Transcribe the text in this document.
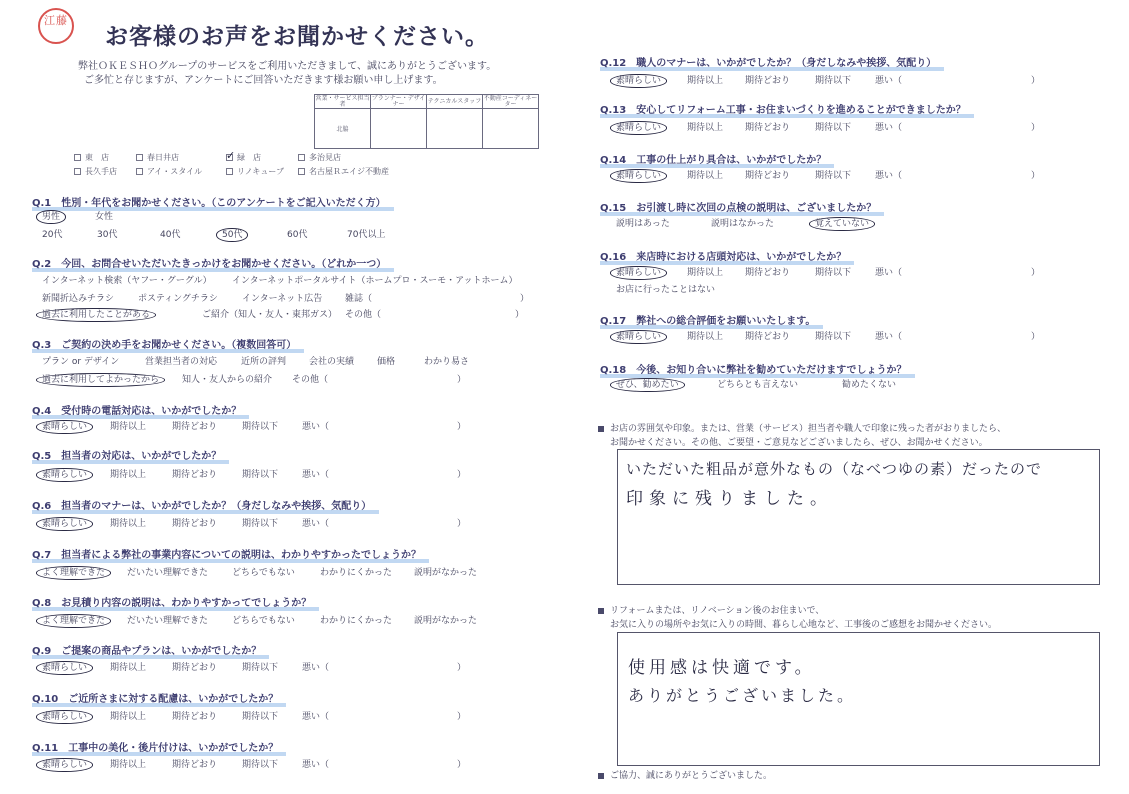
江藤
お客様のお声をお聞かせください。
弊社ＯＫＥＳＨＯグループのサービスをご利用いただきまして、誠にありがとうございます。
ご多忙と存じますが、アンケートにご回答いただきます様お願い申し上げます。
営業・サービス担当者	プランナー・デザイナー	テクニカルスタッフ	不動産コーディネーター
北脇			
東　店	春日井店 ✓	緑　店	多治見店
長久手店	アイ・スタイル	リノキューブ	名古屋Ｒエイジ不動産
Q.1　性別・年代をお聞かせください。（このアンケートをご記入いただく方）
男性	女性
20代	30代	40代	50代	60代	70代以上
Q.2　今回、お問合せいただいたきっかけをお聞かせください。（どれか一つ）
インターネット検索（ヤフー・グーグル） インターネットポータルサイト（ホームプロ・スーモ・アットホーム）
新聞折込みチラシ	ポスティングチラシ	インターネット広告	雑誌（	）
過去に利用したことがある	ご紹介（知人・友人・東邦ガス） その他（	）
Q.3　ご契約の決め手をお聞かせください。（複数回答可）
プラン or デザイン	営業担当者の対応	近所の評判	会社の実績	価格	わかり易さ
過去に利用してよかったから	知人・友人からの紹介 その他（	）
Q.4　受付時の電話対応は、いかがでしたか？
素晴らしい	期待以上	期待どおり	期待以下	悪い（	）
Q.5　担当者の対応は、いかがでしたか？
素晴らしい	期待以上	期待どおり	期待以下	悪い（	）
Q.6　担当者のマナーは、いかがでしたか？（身だしなみや挨拶、気配り）
素晴らしい	期待以上	期待どおり	期待以下	悪い（	）
Q.7　担当者による弊社の事業内容についての説明は、わかりやすかったでしょうか？
よく理解できた	だいたい理解できた	どちらでもない	わかりにくかった 説明がなかった
Q.8　お見積り内容の説明は、わかりやすかってでしょうか？
よく理解できた	だいたい理解できた	どちらでもない	わかりにくかった 説明がなかった
Q.9　ご提案の商品やプランは、いかがでしたか？
素晴らしい	期待以上	期待どおり	期待以下	悪い（	）
Q.10　ご近所さまに対する配慮は、いかがでしたか？
素晴らしい	期待以上	期待どおり	期待以下	悪い（	）
Q.11　工事中の美化・後片付けは、いかがでしたか？
素晴らしい	期待以上	期待どおり	期待以下	悪い（	）
Q.12　職人のマナーは、いかがでしたか？（身だしなみや挨拶、気配り）
素晴らしい	期待以上 期待どおり	期待以下	悪い（	）
Q.13　安心してリフォーム工事・お住まいづくりを進めることができましたか？
素晴らしい	期待以上 期待どおり	期待以下	悪い（	）
Q.14　工事の仕上がり具合は、いかがでしたか？
素晴らしい	期待以上 期待どおり	期待以下	悪い（	）
Q.15　お引渡し時に次回の点検の説明は、ございましたか？
説明はあった	説明はなかった	覚えていない
Q.16　来店時における店頭対応は、いかがでしたか？
素晴らしい	期待以上 期待どおり	期待以下	悪い（	）
お店に行ったことはない
Q.17　弊社への総合評価をお願いいたします。
素晴らしい	期待以上 期待どおり	期待以下	悪い（	）
Q.18　今後、お知り合いに弊社を勧めていただけますでしょうか？
ぜひ、勧めたい	どちらとも言えない	勧めたくない
お店の雰囲気や印象。または、営業（サービス）担当者や職人で印象に残った者がおりましたら、
お聞かせください。その他、ご要望・ご意見などございましたら、ぜひ、お聞かせください。
いただいた粗品が意外なもの（なべつゆの素）だったので
印象に残りました。
リフォームまたは、リノベーション後のお住まいで、
お気に入りの場所やお気に入りの時間、暮らし心地など、工事後のご感想をお聞かせください。
使用感は快適です。
ありがとうございました。
ご協力、誠にありがとうございました。
